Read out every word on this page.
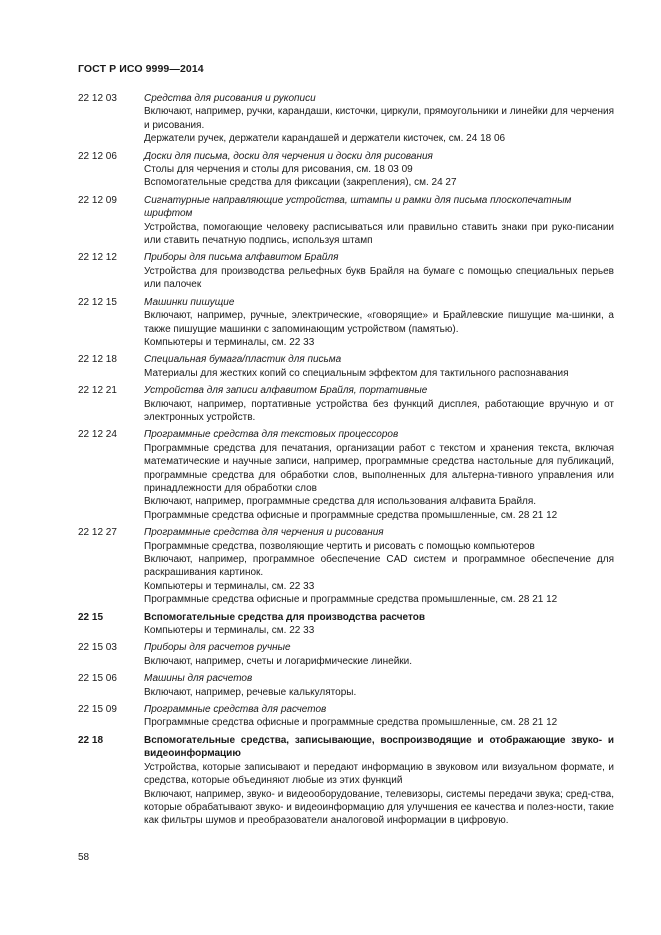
ГОСТ Р ИСО 9999—2014
22 12 03	Средства для рисования и рукописи
Включают, например, ручки, карандаши, кисточки, циркули, прямоугольники и линейки для черчения и рисования.
Держатели ручек, держатели карандашей и держатели кисточек, см. 24 18 06
22 12 06	Доски для письма, доски для черчения и доски для рисования
Столы для черчения и столы для рисования, см. 18 03 09
Вспомогательные средства для фиксации (закрепления), см. 24 27
22 12 09	Сигнатурные направляющие устройства, штампы и рамки для письма плоскопечатным шрифтом
Устройства, помогающие человеку расписываться или правильно ставить знаки при руко-писании или ставить печатную подпись, используя штамп
22 12 12	Приборы для письма алфавитом Брайля
Устройства для производства рельефных букв Брайля на бумаге с помощью специальных перьев или палочек
22 12 15	Машинки пишущие
Включают, например, ручные, электрические, «говорящие» и Брайлевские пишущие ма-шинки, а также пишущие машинки с запоминающим устройством (памятью).
Компьютеры и терминалы, см. 22 33
22 12 18	Специальная бумага/пластик для письма
Материалы для жестких копий со специальным эффектом для тактильного распознавания
22 12 21	Устройства для записи алфавитом Брайля, портативные
Включают, например, портативные устройства без функций дисплея, работающие вручную и от электронных устройств.
22 12 24	Программные средства для текстовых процессоров
Программные средства для печатания, организации работ с текстом и хранения текста, включая математические и научные записи, например, программные средства настольные для публикаций, программные средства для обработки слов, выполненных для альтерна-тивного управления или принадлежности для обработки слов
Включают, например, программные средства для использования алфавита Брайля.
Программные средства офисные и программные средства промышленные, см. 28 21 12
22 12 27	Программные средства для черчения и рисования
Программные средства, позволяющие чертить и рисовать с помощью компьютеров
Включают, например, программное обеспечение CAD систем и программное обеспечение для раскрашивания картинок.
Компьютеры и терминалы, см. 22 33
Программные средства офисные и программные средства промышленные, см. 28 21 12
22 15	Вспомогательные средства для производства расчетов
Компьютеры и терминалы, см. 22 33
22 15 03	Приборы для расчетов ручные
Включают, например, счеты и логарифмические линейки.
22 15 06	Машины для расчетов
Включают, например, речевые калькуляторы.
22 15 09	Программные средства для расчетов
Программные средства офисные и программные средства промышленные, см. 28 21 12
22 18	Вспомогательные средства, записывающие, воспроизводящие и отображающие звуко- и видеоинформацию
Устройства, которые записывают и передают информацию в звуковом или визуальном формате, и средства, которые объединяют любые из этих функций
Включают, например, звуко- и видеооборудование, телевизоры, системы передачи звука; сред-ства, которые обрабатывают звуко- и видеоинформацию для улучшения ее качества и полез-ности, такие как фильтры шумов и преобразователи аналоговой информации в цифровую.
58
